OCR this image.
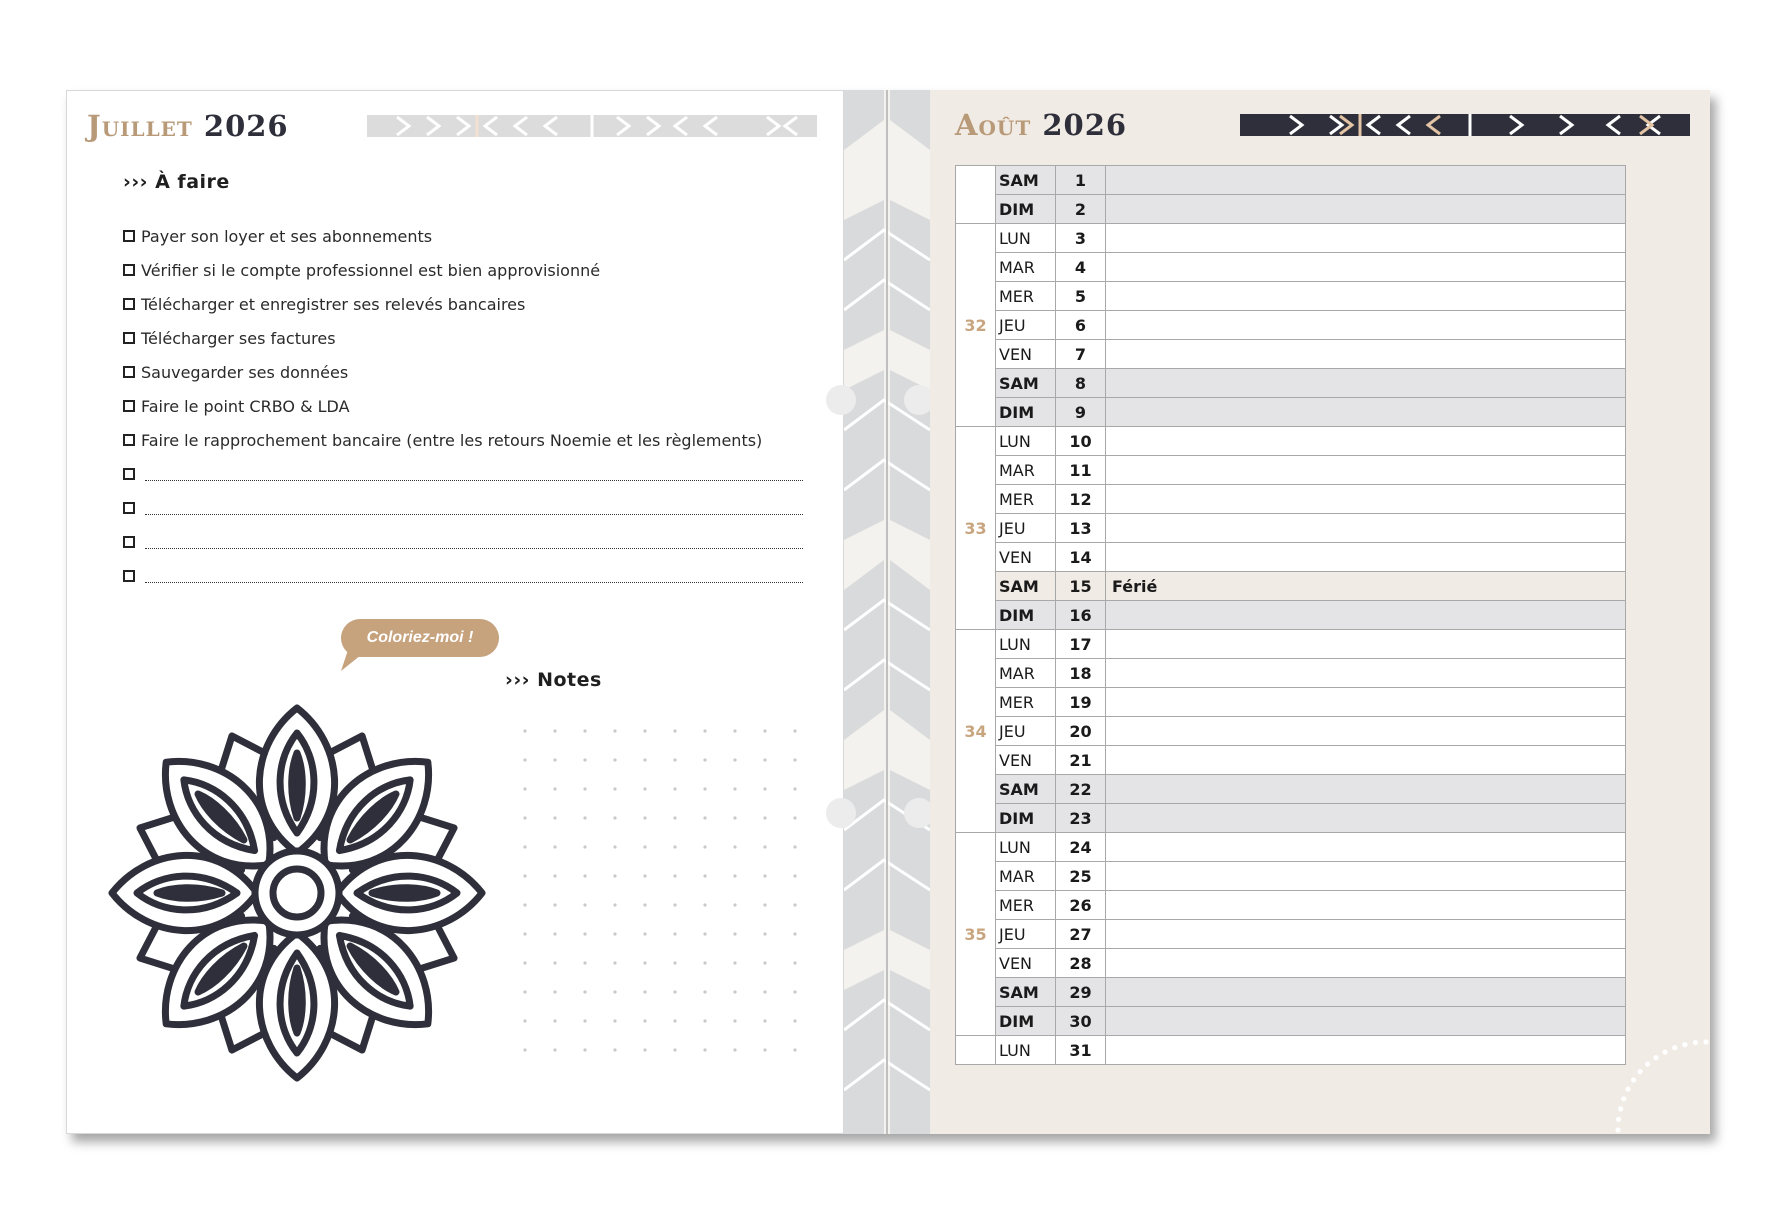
Juillet 2026
››› À faire
Payer son loyer et ses abonnements
Vérifier si le compte professionnel est bien approvisionné
Télécharger et enregistrer ses relevés bancaires
Télécharger ses factures
Sauvegarder ses données
Faire le point CRBO & LDA
Faire le rapprochement bancaire (entre les retours Noemie et les règlements)
Coloriez-moi !
››› Notes
Août 2026
	SAM	1	
	DIM	2	
32	LUN	3	
	MAR	4	
	MER	5	
	JEU	6	
	VEN	7	
	SAM	8	
	DIM	9	
33	LUN	10	
	MAR	11	
	MER	12	
	JEU	13	
	VEN	14	
	SAM	15	Férié
	DIM	16	
34	LUN	17	
	MAR	18	
	MER	19	
	JEU	20	
	VEN	21	
	SAM	22	
	DIM	23	
35	LUN	24	
	MAR	25	
	MER	26	
	JEU	27	
	VEN	28	
	SAM	29	
	DIM	30	
	LUN	31	
